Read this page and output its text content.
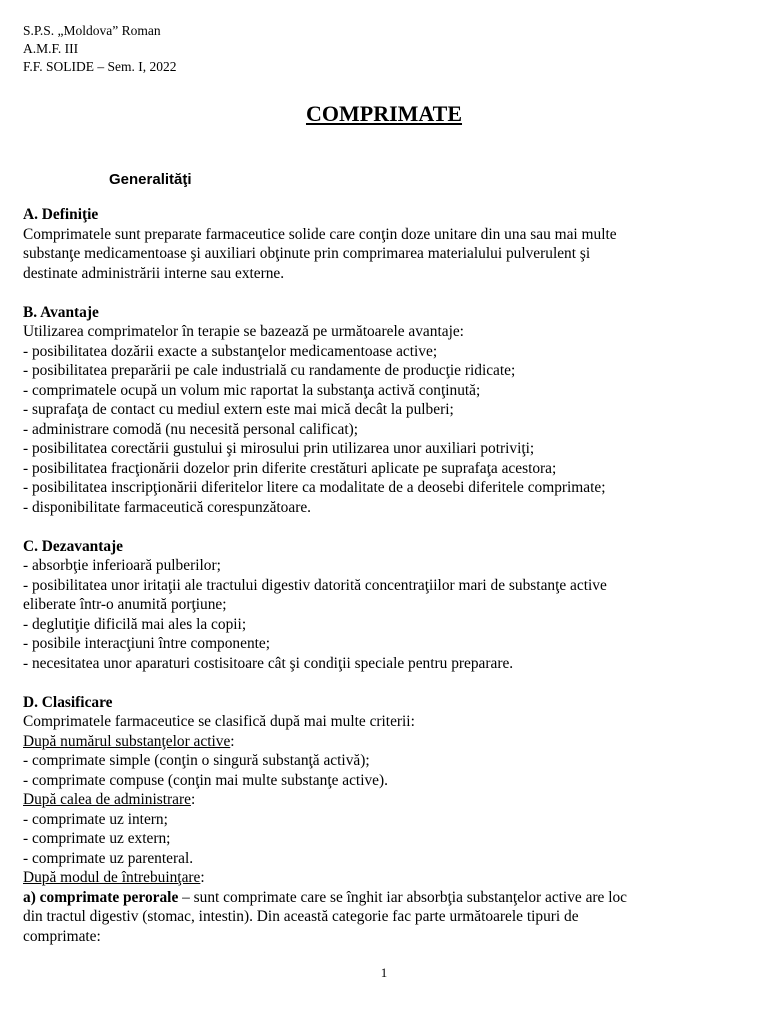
S.P.S. „Moldova” Roman
A.M.F. III
F.F. SOLIDE – Sem. I, 2022
COMPRIMATE
Generalităţi
A. Definiţie
Comprimatele sunt preparate farmaceutice solide care conţin doze unitare din una sau mai multe
substanţe medicamentoase şi auxiliari obţinute prin comprimarea materialului pulverulent şi
destinate administrării interne sau externe.
B. Avantaje
Utilizarea comprimatelor în terapie se bazează pe următoarele avantaje:
- posibilitatea dozării exacte a substanţelor medicamentoase active;
- posibilitatea preparării pe cale industrială cu randamente de producţie ridicate;
- comprimatele ocupă un volum mic raportat la substanţa activă conţinută;
- suprafaţa de contact cu mediul extern este mai mică decât la pulberi;
- administrare comodă (nu necesită personal calificat);
- posibilitatea corectării gustului şi mirosului prin utilizarea unor auxiliari potriviţi;
- posibilitatea fracţionării dozelor prin diferite crestături aplicate pe suprafaţa acestora;
- posibilitatea inscripţionării diferitelor litere ca modalitate de a deosebi diferitele comprimate;
- disponibilitate farmaceutică corespunzătoare.
C. Dezavantaje
- absorbţie inferioară pulberilor;
- posibilitatea unor iritaţii ale tractului digestiv datorită concentraţiilor mari de substanţe active
eliberate într-o anumită porţiune;
- deglutiţie dificilă mai ales la copii;
- posibile interacţiuni între componente;
- necesitatea unor aparaturi costisitoare cât şi condiţii speciale pentru preparare.
D. Clasificare
Comprimatele farmaceutice se clasifică după mai multe criterii:
După numărul substanţelor active:
- comprimate simple (conţin o singură substanţă activă);
- comprimate compuse (conţin mai multe substanţe active).
După calea de administrare:
- comprimate uz intern;
- comprimate uz extern;
- comprimate uz parenteral.
După modul de întrebuinţare:
a) comprimate perorale – sunt comprimate care se înghit iar absorbţia substanţelor active are loc
din tractul digestiv (stomac, intestin). Din această categorie fac parte următoarele tipuri de
comprimate:
1
